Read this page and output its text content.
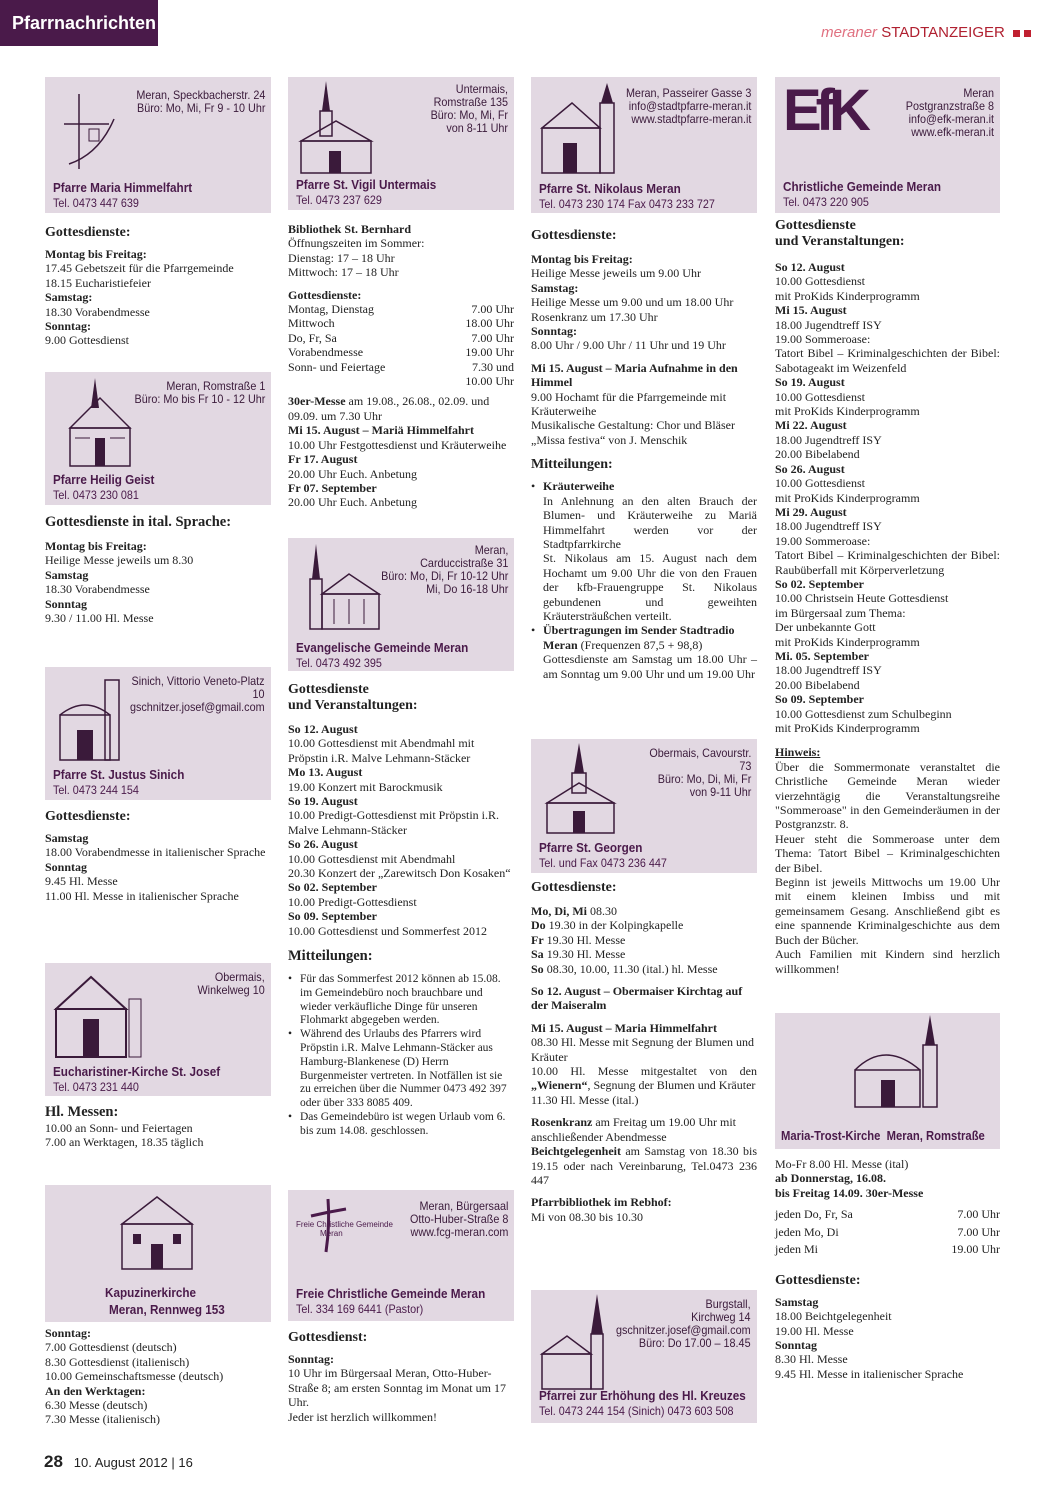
Pfarrnachrichten	meraner STADTANZEIGER
Meran, Speckbacherstr. 24
Büro: Mo, Mi, Fr 9 - 10 Uhr
Pfarre Maria Himmelfahrt
Tel. 0473 447 639
Gottesdienste:
Montag bis Freitag:
17.45 Gebetszeit für die Pfarrgemeinde
18.15 Eucharistiefeier
Samstag:
18.30 Vorabendmesse
Sonntag:
9.00 Gottesdienst
Meran, Romstraße 1
Büro: Mo bis Fr 10 - 12 Uhr
Pfarre Heilig Geist
Tel. 0473 230 081
Gottesdienste in ital. Sprache:
Montag bis Freitag:
Heilige Messe jeweils um 8.30
Samstag
18.30 Vorabendmesse
Sonntag
9.30 / 11.00 Hl. Messe
Sinich, Vittorio Veneto-Platz
10
gschnitzer.josef@gmail.com
Pfarre St. Justus Sinich
Tel. 0473 244 154
Gottesdienste:
Samstag
18.00 Vorabendmesse in italienischer Sprache
Sonntag
9.45 Hl. Messe
11.00 Hl. Messe in italienischer Sprache
Obermais,
Winkelweg 10
Eucharistiner-Kirche St. Josef
Tel. 0473 231 440
Hl. Messen:
10.00 an Sonn- und Feiertagen
7.00 an Werktagen, 18.35 täglich
Kapuzinerkirche
Meran, Rennweg 153
Sonntag:
7.00 Gottesdienst (deutsch)
8.30 Gottesdienst (italienisch)
10.00 Gemeinschaftsmesse (deutsch)
An den Werktagen:
6.30 Messe (deutsch)
7.30 Messe (italienisch)
Untermais,
Romstraße 135
Büro: Mo, Mi, Fr
von 8-11 Uhr
Pfarre St. Vigil Untermais
Tel. 0473 237 629
Bibliothek St. Bernhard
Öffnungszeiten im Sommer:
Dienstag: 17 – 18 Uhr
Mittwoch: 17 – 18 Uhr
Gottesdienste:
Montag, Dienstag	7.00 Uhr
Mittwoch	18.00 Uhr
Do, Fr, Sa	7.00 Uhr
Vorabendmesse	19.00 Uhr
Sonn- und Feiertage	7.30 und
10.00 Uhr
30er-Messe am 19.08., 26.08., 02.09. und 09.09. um 7.30 Uhr
Mi 15. August – Mariä Himmelfahrt
10.00 Uhr Festgottesdienst und Kräuterweihe
Fr 17. August
20.00 Uhr Euch. Anbetung
Fr 07. September
20.00 Uhr Euch. Anbetung
Meran,
Carduccistraße 31
Büro: Mo, Di, Fr 10-12 Uhr
Mi, Do 16-18 Uhr
Evangelische Gemeinde Meran
Tel. 0473 492 395
Gottesdienste
und Veranstaltungen:
So 12. August
10.00 Gottesdienst mit Abendmahl mit Pröpstin i.R. Malve Lehmann-Stäcker
Mo 13. August
19.00 Konzert mit Barockmusik
So 19. August
10.00 Predigt-Gottesdienst mit Pröpstin i.R. Malve Lehmann-Stäcker
So 26. August
10.00 Gottesdienst mit Abendmahl
20.30 Konzert der „Zarewitsch Don Kosaken“
So 02. September
10.00 Predigt-Gottesdienst
So 09. September
10.00 Gottesdienst und Sommerfest 2012
Mitteilungen:
• Für das Sommerfest 2012 können ab 15.08. im Gemeindebüro noch brauchbare und wieder verkäufliche Dinge für unseren Flohmarkt abgegeben werden.
• Während des Urlaubs des Pfarrers wird Pröpstin i.R. Malve Lehmann-Stäcker aus Hamburg-Blankenese (D) Herrn Burgenmeister vertreten. In Notfällen ist sie zu erreichen über die Nummer 0473 492 397 oder über 333 8085 409.
• Das Gemeindebüro ist wegen Urlaub vom 6. bis zum 14.08. geschlossen.
Freie Christliche Gemeinde
Meran
Meran, Bürgersaal
Otto-Huber-Straße 8
www.fcg-meran.com
Freie Christliche Gemeinde Meran
Tel. 334 169 6441 (Pastor)
Gottesdienst:
Sonntag:
10 Uhr im Bürgersaal Meran, Otto-Huber-Straße 8; am ersten Sonntag im Monat um 17 Uhr.
Jeder ist herzlich willkommen!
Meran, Passeirer Gasse 3
info@stadtpfarre-meran.it
www.stadtpfarre-meran.it
Pfarre St. Nikolaus Meran
Tel. 0473 230 174 Fax 0473 233 727
Gottesdienste:
Montag bis Freitag:
Heilige Messe jeweils um 9.00 Uhr
Samstag:
Heilige Messe um 9.00 und um 18.00 Uhr Rosenkranz um 17.30 Uhr
Sonntag:
8.00 Uhr / 9.00 Uhr / 11 Uhr und 19 Uhr
Mi 15. August – Maria Aufnahme in den Himmel
9.00 Hochamt für die Pfarrgemeinde mit Kräuterweihe
Musikalische Gestaltung: Chor und Bläser „Missa festiva“ von J. Menschik
Mitteilungen:
• Kräuterweihe
In Anlehnung an den alten Brauch der Blumen- und Kräuterweihe zu Mariä Himmelfahrt werden vor der Stadtpfarrkirche
St. Nikolaus am 15. August nach dem Hochamt um 9.00 Uhr die von den Frauen der kfb-Frauengruppe St. Nikolaus gebundenen und geweihten Kräutersträußchen verteilt.
• Übertragungen im Sender Stadtradio Meran (Frequenzen 87,5 + 98,8)
Gottesdienste am Samstag um 18.00 Uhr – am Sonntag um 9.00 Uhr und um 19.00 Uhr
Obermais, Cavourstr.
73
Büro: Mo, Di, Mi, Fr
von 9-11 Uhr
Pfarre St. Georgen
Tel. und Fax 0473 236 447
Gottesdienste:
Mo, Di, Mi 08.30
Do 19.30 in der Kolpingkapelle
Fr 19.30 Hl. Messe
Sa 19.30 Hl. Messe
So 08.30, 10.00, 11.30 (ital.) hl. Messe
So 12. August – Obermaiser Kirchtag auf der Maiseralm
Mi 15. August – Maria Himmelfahrt
08.30 Hl. Messe mit Segnung der Blumen und Kräuter
10.00 Hl. Messe mitgestaltet von den „Wienern“, Segnung der Blumen und Kräuter
11.30 Hl. Messe (ital.)
Rosenkranz am Freitag um 19.00 Uhr mit anschließender Abendmesse
Beichtgelegenheit am Samstag von 18.30 bis 19.15 oder nach Vereinbarung, Tel.0473 236 447
Pfarrbibliothek im Rebhof:
Mi von 08.30 bis 10.30
Burgstall,
Kirchweg 14
gschnitzer.josef@gmail.com
Büro: Do 17.00 – 18.45
Pfarrei zur Erhöhung des Hl. Kreuzes
Tel. 0473 244 154 (Sinich) 0473 603 508
EfK	Meran
Postgranzstraße 8
info@efk-meran.it
www.efk-meran.it
Christliche Gemeinde Meran
Tel. 0473 220 905
Gottesdienste
und Veranstaltungen:
So 12. August
10.00 Gottesdienst
mit ProKids Kinderprogramm
Mi 15. August
18.00 Jugendtreff ISY
19.00 Sommeroase:
Tatort Bibel – Kriminalgeschichten der Bibel: Sabotageakt im Weizenfeld
So 19. August
10.00 Gottesdienst
mit ProKids Kinderprogramm
Mi 22. August
18.00 Jugendtreff ISY
20.00 Bibelabend
So 26. August
10.00 Gottesdienst
mit ProKids Kinderprogramm
Mi 29. August
18.00 Jugendtreff ISY
19.00 Sommeroase:
Tatort Bibel – Kriminalgeschichten der Bibel: Raubüberfall mit Körperverletzung
So 02. September
10.00 Christsein Heute Gottesdienst
im Bürgersaal zum Thema:
Der unbekannte Gott
mit ProKids Kinderprogramm
Mi. 05. September
18.00 Jugendtreff ISY
20.00 Bibelabend
So 09. September
10.00 Gottesdienst zum Schulbeginn
mit ProKids Kinderprogramm
Hinweis:
Über die Sommermonate veranstaltet die Christliche Gemeinde Meran wieder vierzehntägig die Veranstaltungsreihe "Sommeroase" in den Gemeinderäumen in der Postgranzstr. 8.
Heuer steht die Sommeroase unter dem Thema: Tatort Bibel – Kriminalgeschichten der Bibel.
Beginn ist jeweils Mittwochs um 19.00 Uhr mit einem kleinen Imbiss und mit gemeinsamem Gesang. Anschließend gibt es eine spannende Kriminalgeschichte aus dem Buch der Bücher.
Auch Familien mit Kindern sind herzlich willkommen!
Maria-Trost-Kirche Meran, Romstraße
Mo-Fr 8.00 Hl. Messe (ital)
ab Donnerstag, 16.08.
bis Freitag 14.09. 30er-Messe
jeden Do, Fr, Sa	7.00 Uhr
jeden Mo, Di	7.00 Uhr
jeden Mi	19.00 Uhr
Gottesdienste:
Samstag
18.00 Beichtgelegenheit
19.00 Hl. Messe
Sonntag
8.30 Hl. Messe
9.45 Hl. Messe in italienischer Sprache
28 10. August 2012 | 16
